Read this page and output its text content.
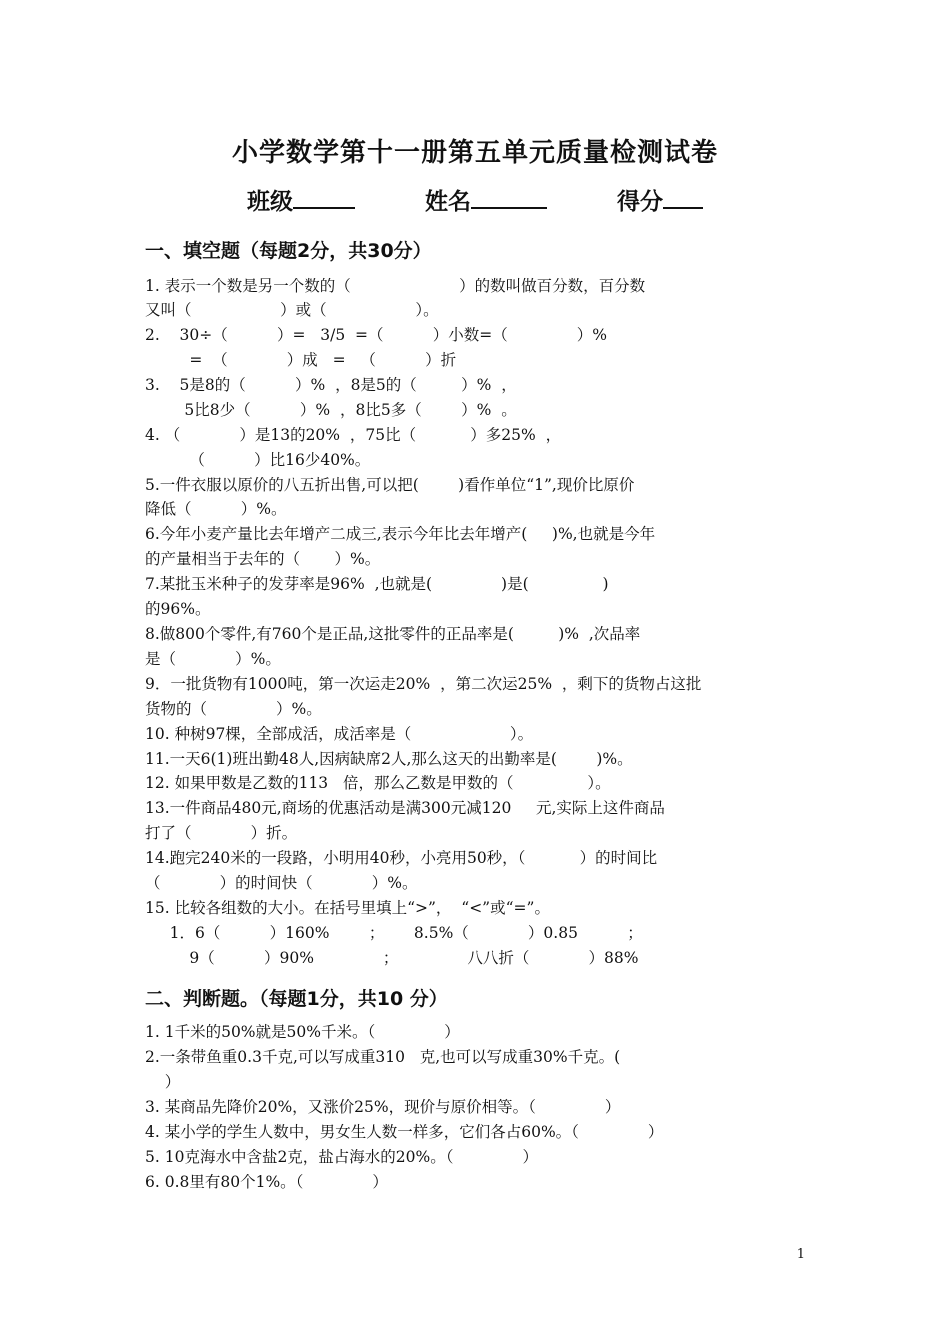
小学数学第十一册第五单元质量检测试卷
班级	姓名	得分
一、填空题（每题2分，共30分）

1. 表示一个数是另一个数的（                      ）的数叫做百分数，百分数

又叫（                  ）或（                  ）。

2.    30÷（          ）=   3/5  =（          ）小数=（              ）%

=  （            ）成   =   （          ）折

3.    5是8的（          ）%  ，8是5的（         ）%  ，

5比8少（          ）%  ，8比5多（        ）%  。

4. （            ）是13的20%  ，75比（           ）多25%  ，

（          ）比16少40%。

5.一件衣服以原价的八五折出售,可以把(        )看作单位“1”,现价比原价

降低（          ）%。

6.今年小麦产量比去年增产二成三,表示今年比去年增产(     )%,也就是今年

的产量相当于去年的（       ）%。

7.某批玉米种子的发芽率是96%  ,也就是(              )是(               )

的96%。

8.做800个零件,有760个是正品,这批零件的正品率是(         )%  ,次品率

是（            ）%。

9．一批货物有1000吨，第一次运走20%  ，第二次运25%  ，剩下的货物占这批

货物的（              ）%。

10. 种树97棵，全部成活，成活率是（                    ）。

11.一天6(1)班出勤48人,因病缺席2人,那么这天的出勤率是(        )%。

12. 如果甲数是乙数的113   倍，那么乙数是甲数的（               ）。

13.一件商品480元,商场的优惠活动是满300元减120     元,实际上这件商品

打了（            ）折。

14.跑完240米的一段路，小明用40秒，小亮用50秒，（           ）的时间比

（            ）的时间快（            ）%。

15. 比较各组数的大小。在括号里填上“>”，  “<”或“=”。

1．6（          ）160%        ；      8.5%（            ）0.85          ；

9（          ）90%              ；              八八折（            ）88%

二、判断题。（每题1分，共10 分）

1. 1千米的50%就是50%千米。（              ）

2.一条带鱼重0.3千克,可以写成重310   克,也可以写成重30%千克。(

）

3. 某商品先降价20%，又涨价25%，现价与原价相等。（              ）

4. 某小学的学生人数中，男女生人数一样多，它们各占60%。（              ）

5. 10克海水中含盐2克，盐占海水的20%。（              ）

6. 0.8里有80个1%。（              ）

1
